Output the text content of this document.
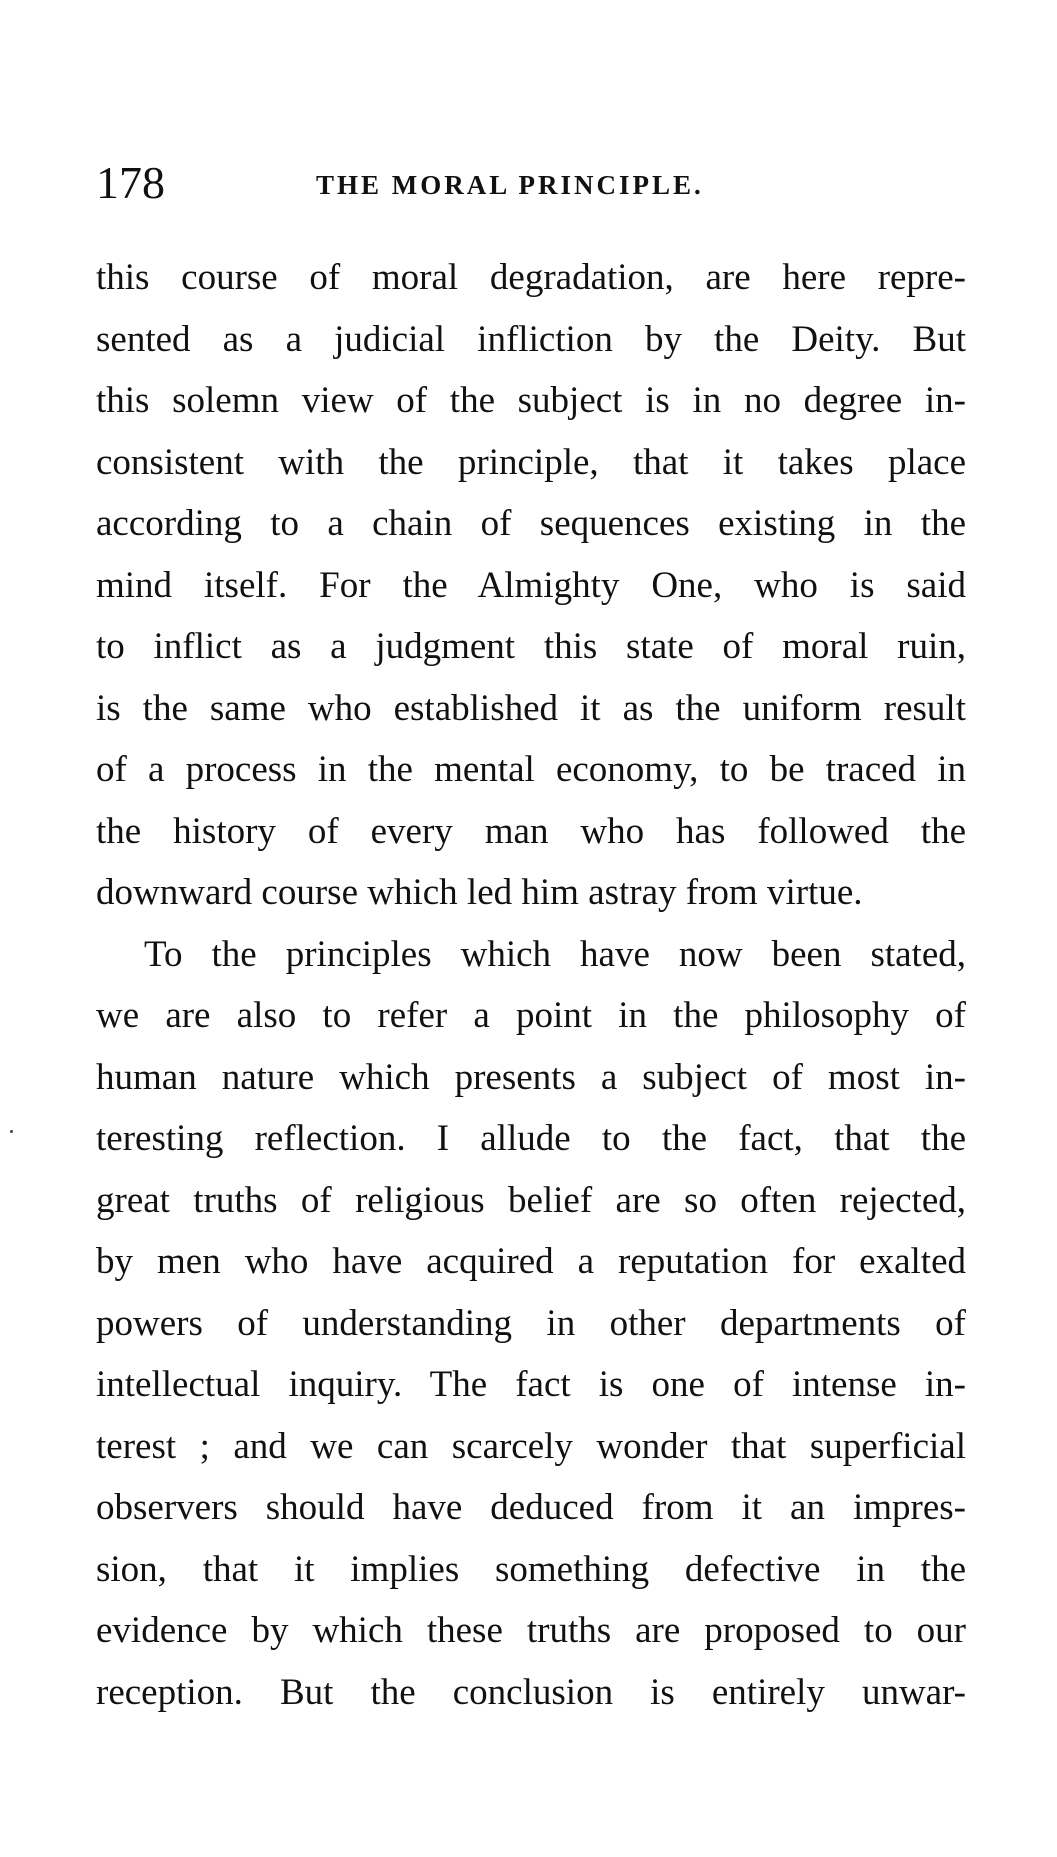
178	THE MORAL PRINCIPLE.
this course of moral degradation, are here repre-
sented as a judicial infliction by the Deity. But
this solemn view of the subject is in no degree in-
consistent with the principle, that it takes place
according to a chain of sequences existing in the
mind itself. For the Almighty One, who is said
to inflict as a judgment this state of moral ruin,
is the same who established it as the uniform result
of a process in the mental economy, to be traced in
the history of every man who has followed the
downward course which led him astray from virtue.
To the principles which have now been stated,
we are also to refer a point in the philosophy of
human nature which presents a subject of most in-
teresting reflection. I allude to the fact, that the
great truths of religious belief are so often rejected,
by men who have acquired a reputation for exalted
powers of understanding in other departments of
intellectual inquiry. The fact is one of intense in-
terest ; and we can scarcely wonder that superficial
observers should have deduced from it an impres-
sion, that it implies something defective in the
evidence by which these truths are proposed to our
reception. But the conclusion is entirely unwar-
